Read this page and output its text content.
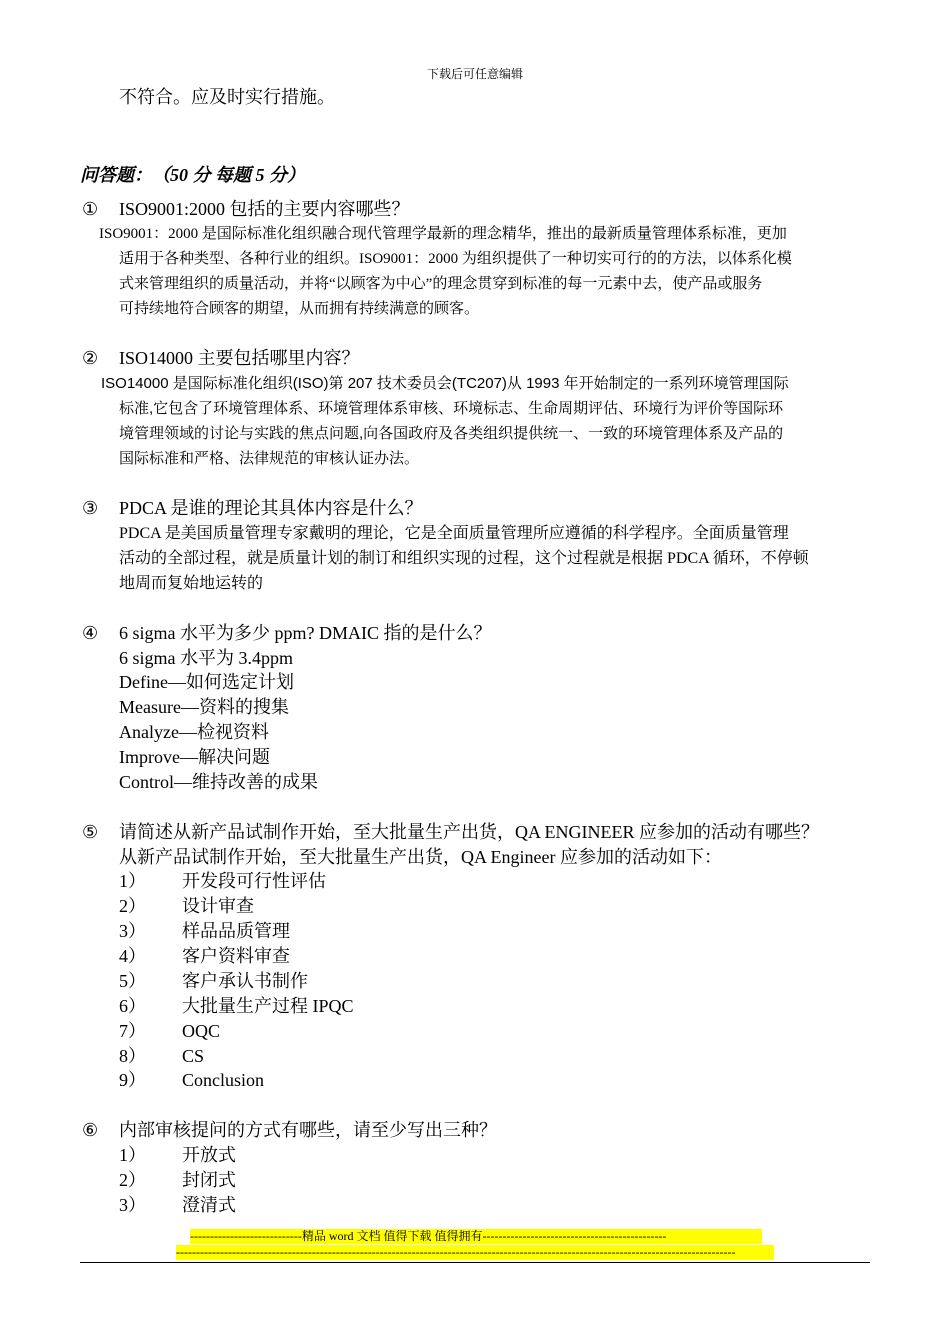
下载后可任意编辑
不符合。应及时实行措施。
问答题：（50 分 每题 5 分）
① ISO9001:2000 包括的主要内容哪些？
ISO9001：2000 是国际标准化组织融合现代管理学最新的理念精华，推出的最新质量管理体系标准，更加
适用于各种类型、各种行业的组织。ISO9001：2000 为组织提供了一种切实可行的的方法，以体系化模
式来管理组织的质量活动，并将“以顾客为中心”的理念贯穿到标准的每一元素中去，使产品或服务
可持续地符合顾客的期望，从而拥有持续满意的顾客。
② ISO14000 主要包括哪里内容？
ISO14000 是国际标准化组织(ISO)第 207 技术委员会(TC207)从 1993 年开始制定的一系列环境管理国际
标准,它包含了环境管理体系、环境管理体系审核、环境标志、生命周期评估、环境行为评价等国际环
境管理领域的讨论与实践的焦点问题,向各国政府及各类组织提供统一、一致的环境管理体系及产品的
国际标准和严格、法律规范的审核认证办法。
③ PDCA 是谁的理论其具体内容是什么？
PDCA 是美国质量管理专家戴明的理论，它是全面质量管理所应遵循的科学程序。全面质量管理
活动的全部过程，就是质量计划的制订和组织实现的过程，这个过程就是根据 PDCA 循环，不停顿
地周而复始地运转的
④ 6 sigma 水平为多少 ppm? DMAIC 指的是什么？
6 sigma 水平为 3.4ppm
Define—如何选定计划
Measure—资料的搜集
Analyze—检视资料
Improve—解决问题
Control—维持改善的成果
⑤ 请简述从新产品试制作开始，至大批量生产出货，QA ENGINEER 应参加的活动有哪些？
从新产品试制作开始，至大批量生产出货，QA Engineer 应参加的活动如下：
1） 开发段可行性评估
2） 设计审查
3） 样品品质管理
4） 客户资料审查
5） 客户承认书制作
6） 大批量生产过程 IPQC
7） OQC
8） CS
9） Conclusion
⑥ 内部审核提问的方式有哪些，请至少写出三种？
1） 开放式
2） 封闭式
3） 澄清式
----------------------------精品 word 文档 值得下载 值得拥有----------------------------------------------
--------------------------------------------------------------------------------------------------------------------------------------------
